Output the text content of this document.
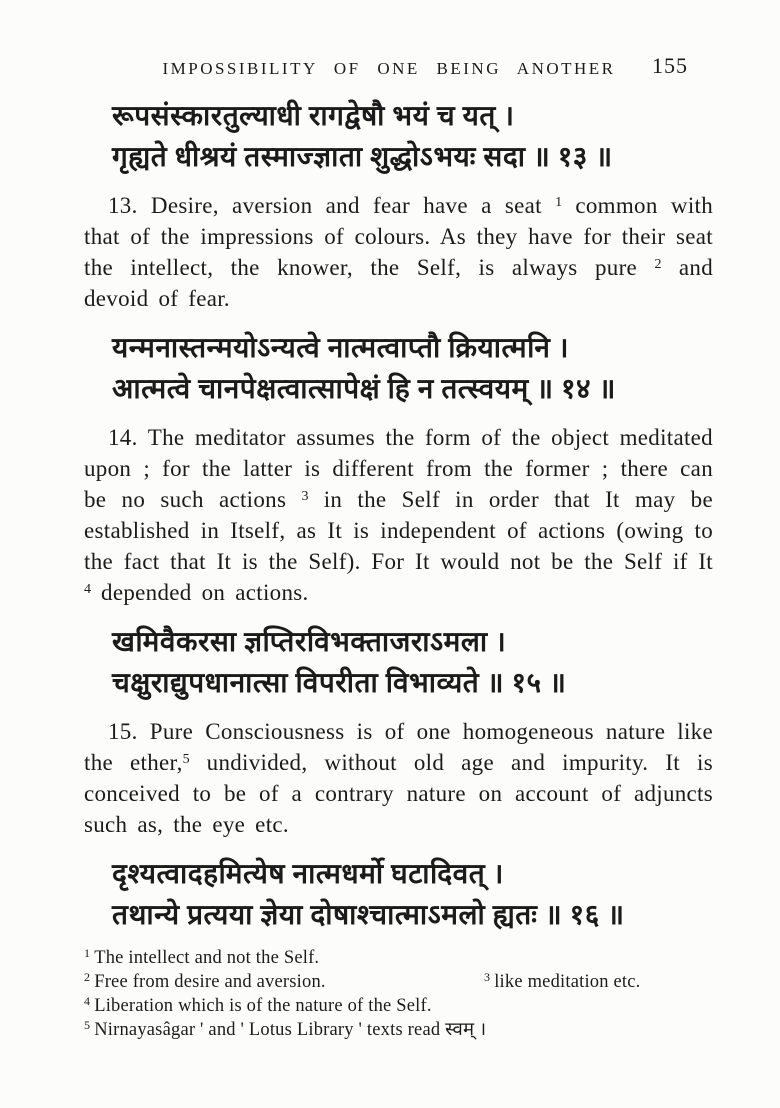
IMPOSSIBILITY OF ONE BEING ANOTHER	155
रूपसंस्कारतुल्याधी रागद्वेषौ भयं च यत् ।
गृह्यते धीश्रयं तस्माज्ज्ञाता शुद्धोऽभयः सदा ॥ १३ ॥

13. Desire, aversion and fear have a seat $^1$ common with that of the impressions of colours. As they have for their seat the intellect, the knower, the Self, is always pure $^2$ and devoid of fear.

यन्मनास्तन्मयोऽन्यत्वे नात्मत्वाप्तौ क्रियात्मनि ।
आत्मत्वे चानपेक्षत्वात्सापेक्षं हि न तत्स्वयम् ॥ १४ ॥

14. The meditator assumes the form of the object meditated upon ; for the latter is different from the former ; there can be no such actions $^3$ in the Self in order that It may be established in Itself, as It is independent of actions (owing to the fact that It is the Self). For It would not be the Self if It $^4$ depended on actions.

खमिवैकरसा ज्ञप्तिरविभक्ताजराऽमला ।
चक्षुराद्युपधानात्सा विपरीता विभाव्यते ॥ १५ ॥

15. Pure Consciousness is of one homogeneous nature like the ether,$^5$ undivided, without old age and impurity. It is conceived to be of a contrary nature on account of adjuncts such as, the eye etc.

दृश्यत्वादहमित्येष नात्मधर्मो घटादिवत् ।
तथान्ये प्रत्यया ज्ञेया दोषाश्चात्माऽमलो ह्यतः ॥ १६ ॥
$^1$ The intellect and not the Self.
$^2$ Free from desire and aversion.	$^3$ like meditation etc.
$^4$ Liberation which is of the nature of the Self.
$^5$ Nirnayasâgar ' and ' Lotus Library ' texts read स्वम् ।
